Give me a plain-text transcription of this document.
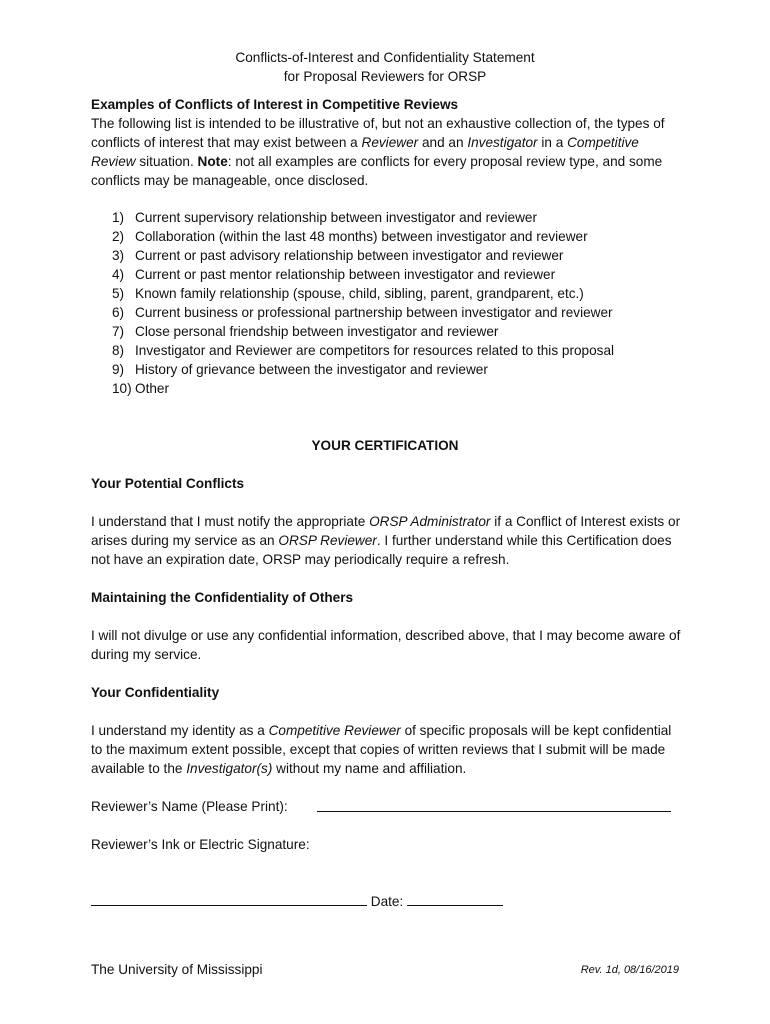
Conflicts-of-Interest and Confidentiality Statement
for Proposal Reviewers for ORSP
Examples of Conflicts of Interest in Competitive Reviews

The following list is intended to be illustrative of, but not an exhaustive collection of, the types of conflicts of interest that may exist between a Reviewer and an Investigator in a Competitive Review situation. Note: not all examples are conflicts for every proposal review type, and some conflicts may be manageable, once disclosed.

1) Current supervisory relationship between investigator and reviewer
2) Collaboration (within the last 48 months) between investigator and reviewer
3) Current or past advisory relationship between investigator and reviewer
4) Current or past mentor relationship between investigator and reviewer
5) Known family relationship (spouse, child, sibling, parent, grandparent, etc.)
6) Current business or professional partnership between investigator and reviewer
7) Close personal friendship between investigator and reviewer
8) Investigator and Reviewer are competitors for resources related to this proposal
9) History of grievance between the investigator and reviewer
10) Other
YOUR CERTIFICATION
Your Potential Conflicts

I understand that I must notify the appropriate ORSP Administrator if a Conflict of Interest exists or arises during my service as an ORSP Reviewer. I further understand while this Certification does not have an expiration date, ORSP may periodically require a refresh.

Maintaining the Confidentiality of Others

I will not divulge or use any confidential information, described above, that I may become aware of during my service.

Your Confidentiality

I understand my identity as a Competitive Reviewer of specific proposals will be kept confidential to the maximum extent possible, except that copies of written reviews that I submit will be made available to the Investigator(s) without my name and affiliation.

Reviewer’s Name (Please Print):
Reviewer’s Ink or Electric Signature:
Date:
The University of Mississippi	Rev. 1d, 08/16/2019
